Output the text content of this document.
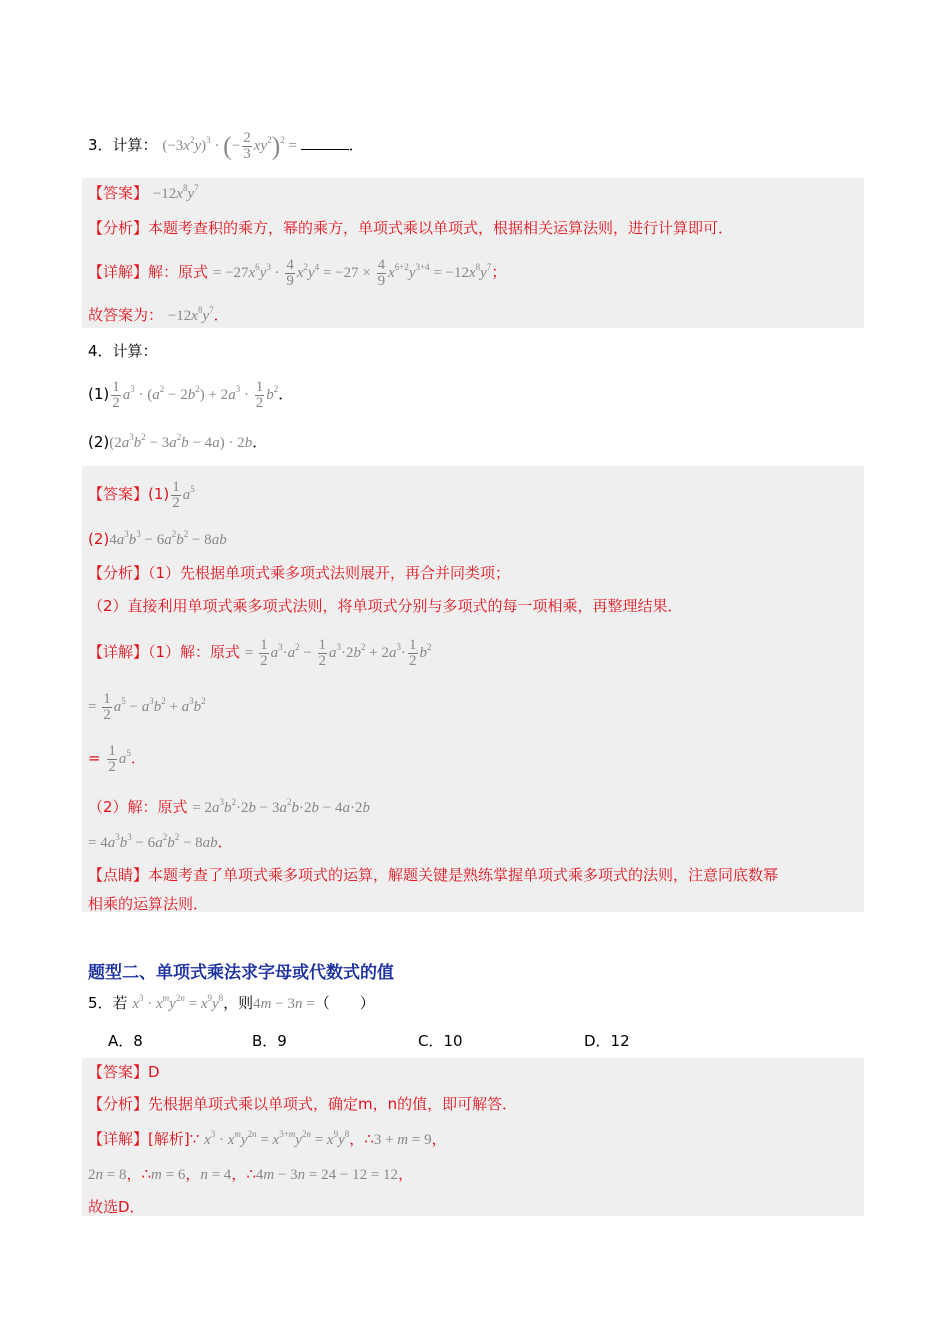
3．计算： $(-3x^2y)^3$ · (− $\frac{2}{3} xy^2)^2$ =	．
【答案】 $-12x^8y^7$
【分析】本题考查积的乘方，幂的乘方，单项式乘以单项式，根据相关运算法则，进行计算即可．
【详解】解：原式 = $-27x^6y^3 \cdot \frac{4}{9} x^2y^4 = -27 \times \frac{4}{9} x^{6+2}y^{3+4} = -12x^8y^7$；
故答案为： $-12x^8y^7$．
4．计算：
$(1) \frac{1}{2} a^3 \cdot (a^2 - 2b^2) + 2a^3 \cdot \frac{1}{2} b^2$．
$(2)(2a^3b^2 - 3a^2b - 4a) \cdot 2b$．
【答案】$(1) \frac{1}{2} a^5$
$(2)4a^3b^3 - 6a^2b^2 - 8ab$
【分析】（1）先根据单项式乘多项式法则展开，再合并同类项；
（2）直接利用单项式乘多项式法则，将单项式分别与多项式的每一项相乘，再整理结果．
【详解】（1）解：原式 = $\frac{1}{2} a^3\cdot a^2 - \frac{1}{2} a^3\cdot 2b^2 + 2a^3\cdot \frac{1}{2} b^2$
= $\frac{1}{2} a^5 - a^3b^2 + a^3b^2$
= $\frac{1}{2} a^5$．
（2）解：原式 = $2a^3b^2\cdot 2b - 3a^2b\cdot 2b - 4a\cdot 2b$
= $4a^3b^3 - 6a^2b^2 - 8ab$．
【点睛】本题考查了单项式乘多项式的运算，解题关键是熟练掌握单项式乘多项式的法则，注意同底数幂
相乘的运算法则．
题型二、单项式乘法求字母或代数式的值
5．若 $x^3 \cdot x^my^{2n} = x^9y^8$，则4m − 3n =（　　）
A．8	B．9	C．10	D．12
【答案】D
【分析】先根据单项式乘以单项式，确定m，n的值，即可解答．
【详解】[解析]∵ $x^3 \cdot x^my^{2n} = x^{3+m}y^{2n} = x^9y^8$，∴3 + m = 9，
2n = 8，∴m = 6，n = 4，∴4m − 3n = 24 − 12 = 12，
故选D．
